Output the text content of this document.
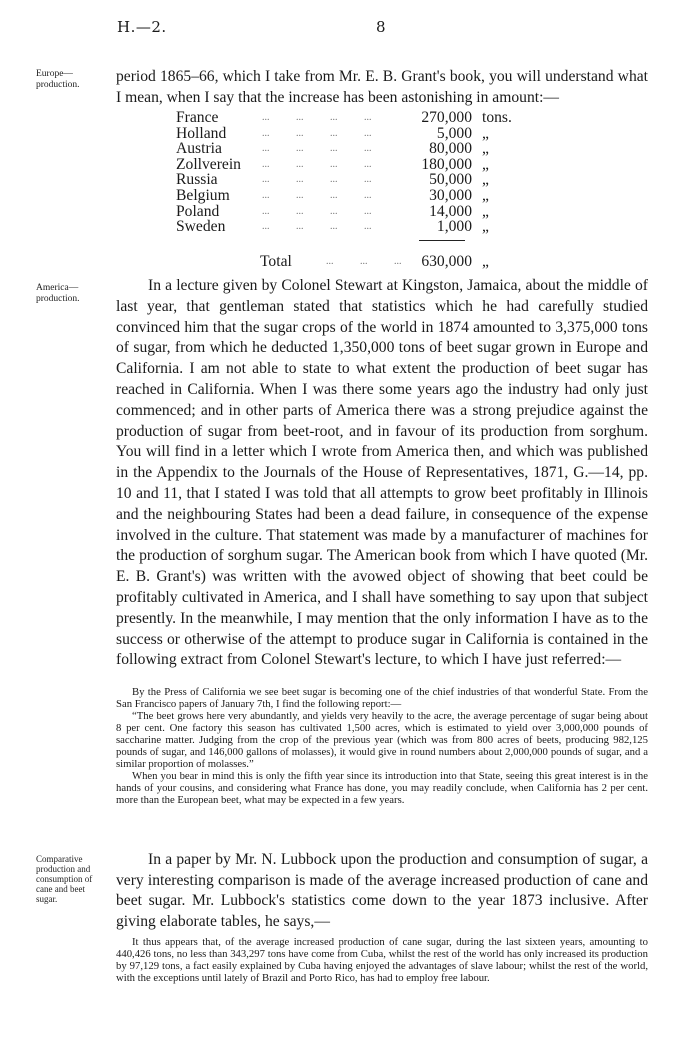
H.—2.	8
Europe—production.	period 1865–66, which I take from Mr. E. B. Grant's book, you will understand what I mean, when I say that the increase has been astonishing in amount:—
France	... ... ... ...	270,000 tons.
Holland	... ... ... ...	5,000 „
Austria	... ... ... ...	80,000 „
Zollverein ... ... ... ...	180,000 „
Russia	... ... ... ...	50,000 „
Belgium	... ... ... ...	30,000 „
Poland	... ... ... ...	14,000 „
Sweden	... ... ... ...	1,000 „
Total	... ... ... 630,000 „
America—production.
In a lecture given by Colonel Stewart at Kingston, Jamaica, about the middle of last year, that gentleman stated that statistics which he had carefully studied convinced him that the sugar crops of the world in 1874 amounted to 3,375,000 tons of sugar, from which he deducted 1,350,000 tons of beet sugar grown in Europe and California. I am not able to state to what extent the production of beet sugar has reached in California. When I was there some years ago the industry had only just commenced; and in other parts of America there was a strong prejudice against the production of sugar from beet-root, and in favour of its production from sorghum. You will find in a letter which I wrote from America then, and which was published in the Appendix to the Journals of the House of Representatives, 1871, G.—14, pp. 10 and 11, that I stated I was told that all attempts to grow beet profitably in Illinois and the neighbouring States had been a dead failure, in consequence of the expense involved in the culture. That statement was made by a manufacturer of machines for the production of sorghum sugar. The American book from which I have quoted (Mr. E. B. Grant's) was written with the avowed object of showing that beet could be profitably cultivated in America, and I shall have something to say upon that subject presently. In the meanwhile, I may mention that the only information I have as to the success or otherwise of the attempt to produce sugar in California is contained in the following extract from Colonel Stewart's lecture, to which I have just referred:—

By the Press of California we see beet sugar is becoming one of the chief industries of that wonderful State. From the San Francisco papers of January 7th, I find the following report:—

“The beet grows here very abundantly, and yields very heavily to the acre, the average percentage of sugar being about 8 per cent. One factory this season has cultivated 1,500 acres, which is estimated to yield over 3,000,000 pounds of saccharine matter. Judging from the crop of the previous year (which was from 800 acres of beets, producing 982,125 pounds of sugar, and 146,000 gallons of molasses), it would give in round numbers about 2,000,000 pounds of sugar, and a similar proportion of molasses.”

When you bear in mind this is only the fifth year since its introduction into that State, seeing this great interest is in the hands of your cousins, and considering what France has done, you may readily conclude, when California has 2 per cent. more than the European beet, what may be expected in a few years.

Comparative production and consumption of cane and beet sugar.
In a paper by Mr. N. Lubbock upon the production and consumption of sugar, a very interesting comparison is made of the average increased production of cane and beet sugar. Mr. Lubbock's statistics come down to the year 1873 inclusive. After giving elaborate tables, he says,—

It thus appears that, of the average increased production of cane sugar, during the last sixteen years, amounting to 440,426 tons, no less than 343,297 tons have come from Cuba, whilst the rest of the world has only increased its production by 97,129 tons, a fact easily explained by Cuba having enjoyed the advantages of slave labour; whilst the rest of the world, with the exceptions until lately of Brazil and Porto Rico, has had to employ free labour.
